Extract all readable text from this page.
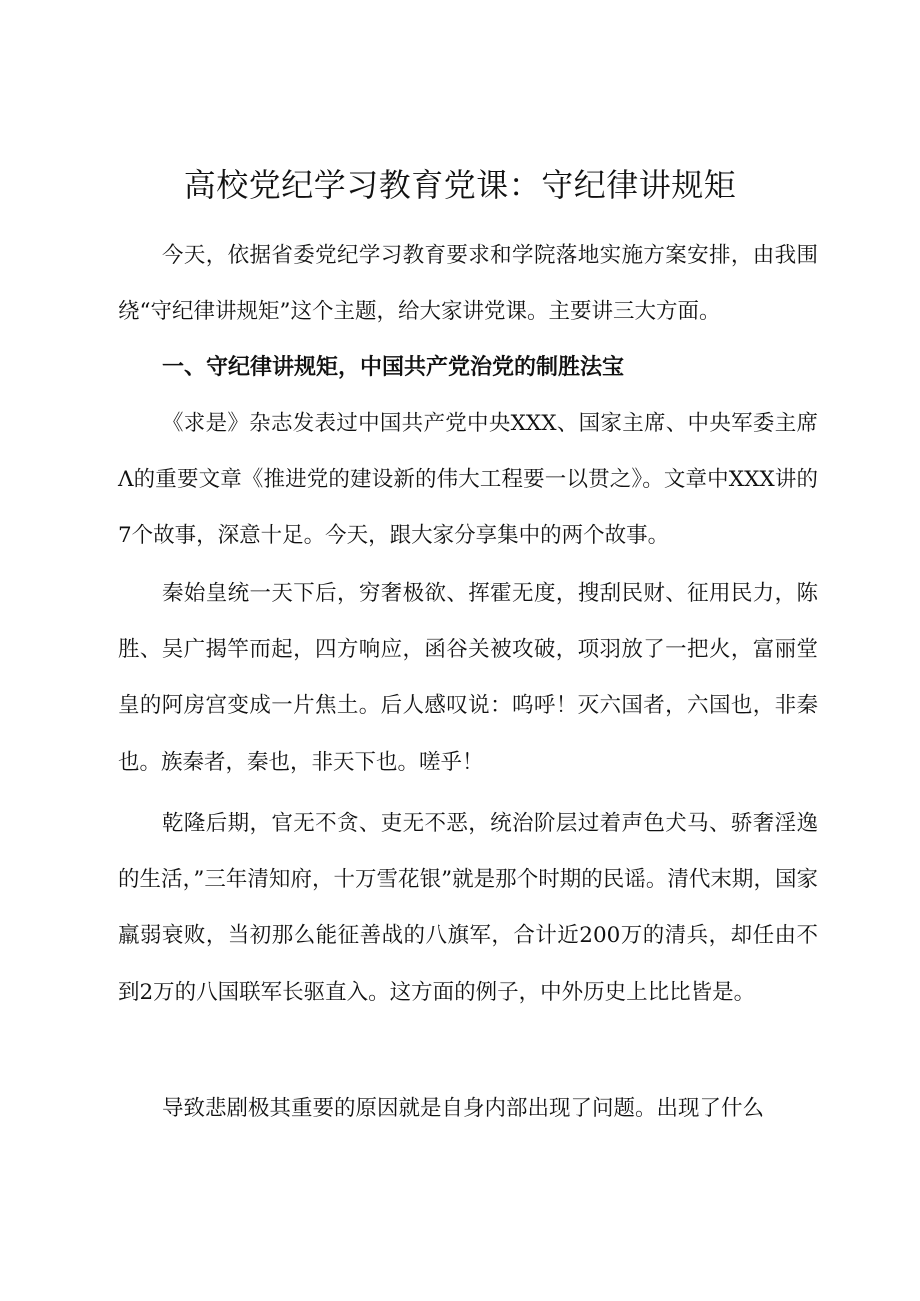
高校党纪学习教育党课：守纪律讲规矩

今天，依据省委党纪学习教育要求和学院落地实施方案安排，由我围绕“守纪律讲规矩”这个主题，给大家讲党课。主要讲三大方面。

一、守纪律讲规矩，中国共产党治党的制胜法宝

《求是》杂志发表过中国共产党中央XXX、国家主席、中央军委主席Λ的重要文章《推进党的建设新的伟大工程要一以贯之》。文章中XXX讲的7个故事，深意十足。今天，跟大家分享集中的两个故事。

秦始皇统一天下后，穷奢极欲、挥霍无度，搜刮民财、征用民力，陈胜、吴广揭竿而起，四方响应，函谷关被攻破，项羽放了一把火，富丽堂皇的阿房宫变成一片焦土。后人感叹说：呜呼！灭六国者，六国也，非秦也。族秦者，秦也，非天下也。嗟乎！

乾隆后期，官无不贪、吏无不恶，统治阶层过着声色犬马、骄奢淫逸的生活，”三年清知府，十万雪花银”就是那个时期的民谣。清代末期，国家羸弱衰败，当初那么能征善战的八旗军，合计近200万的清兵，却任由不到2万的八国联军长驱直入。这方面的例子，中外历史上比比皆是。

导致悲剧极其重要的原因就是自身内部出现了问题。出现了什么
